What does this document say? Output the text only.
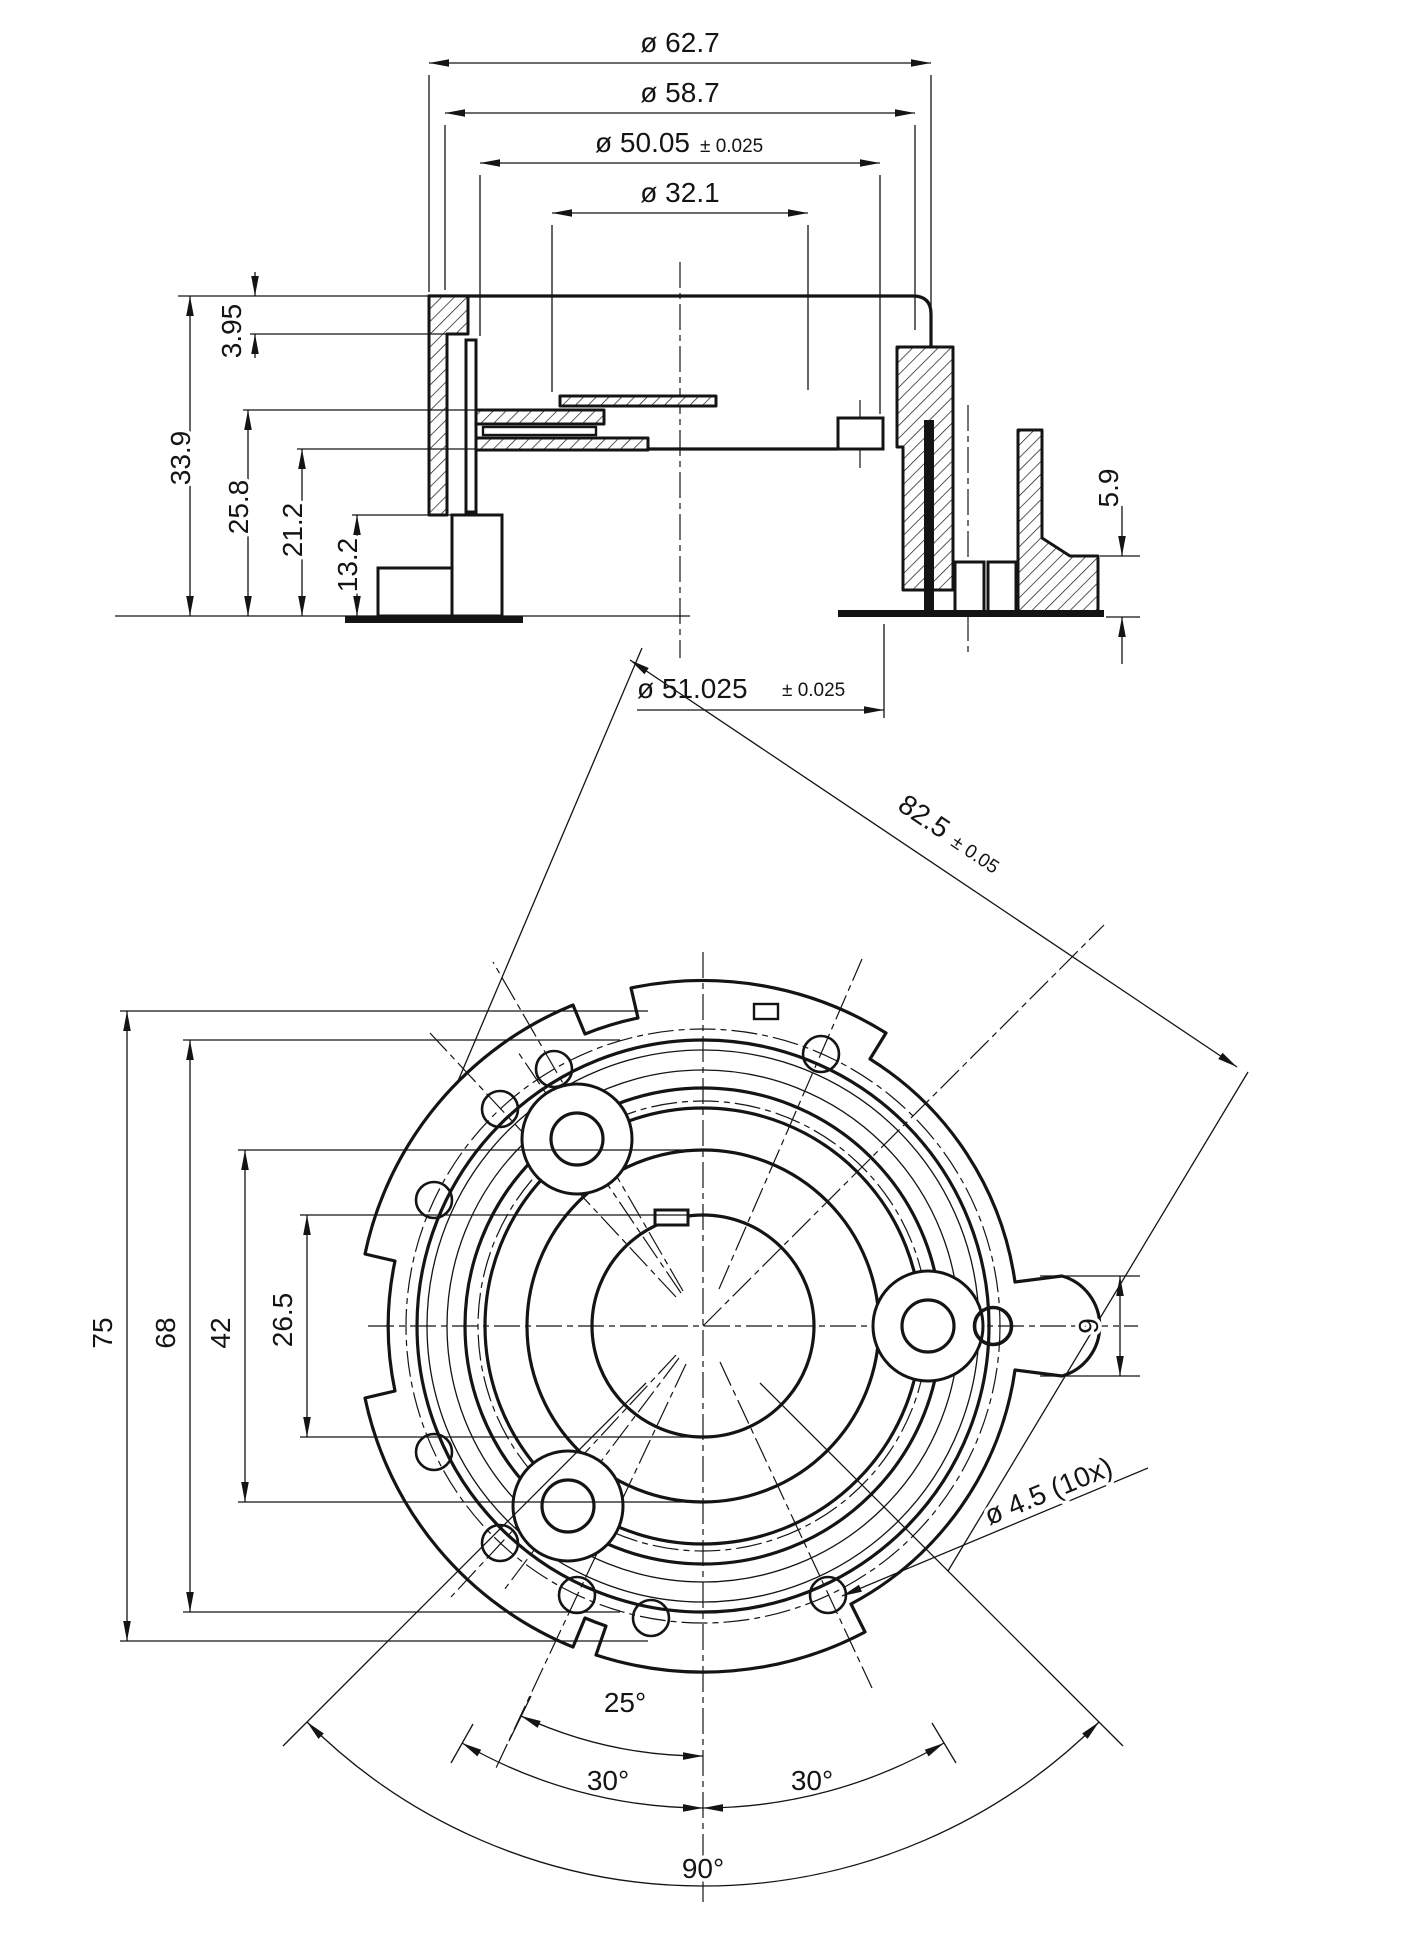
ø 62.7
ø 58.7
ø 50.05 ± 0.025
ø 32.1
33.9
3.95
25.8 21.2
13.2
5.9
ø 51.025 ± 0.025
75 68 42 26.5
82.5
± 0.05
9
ø 4.5 (10x)
25°
30°	30°
90°
